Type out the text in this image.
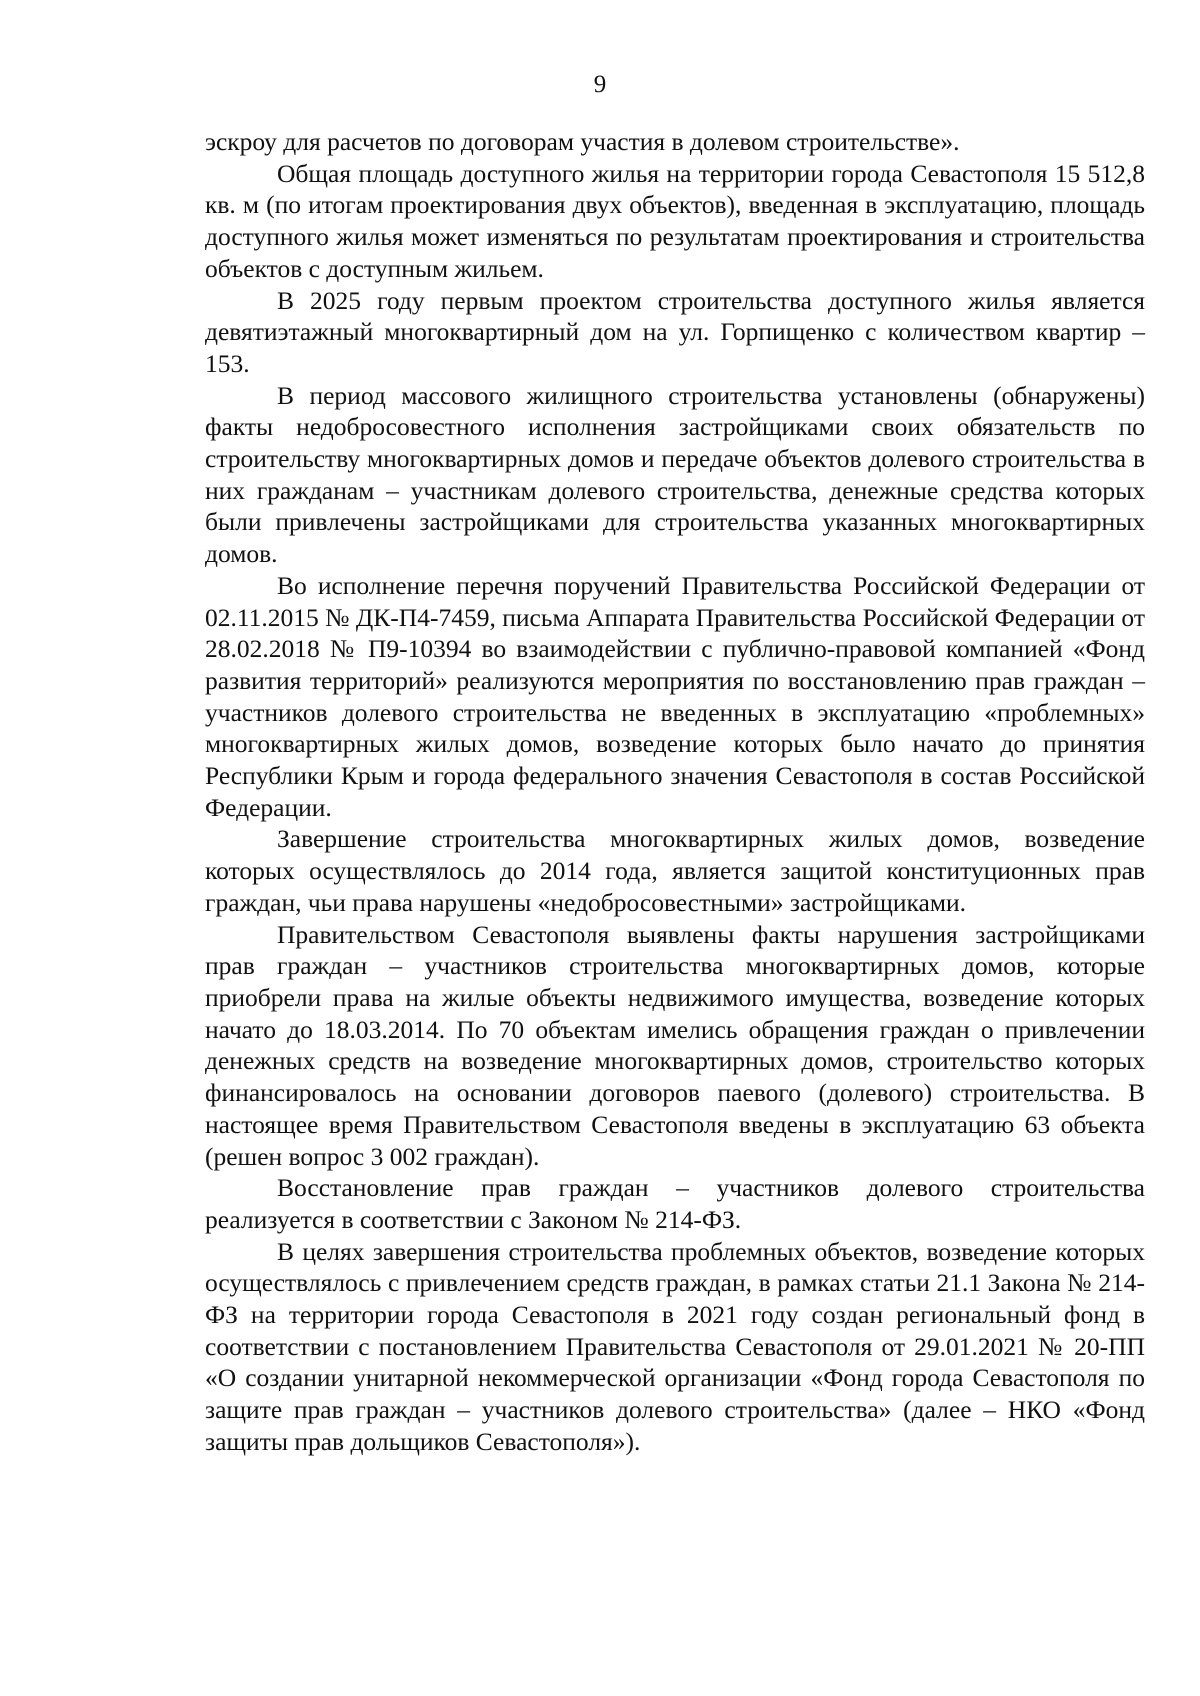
9

эскроу для расчетов по договорам участия в долевом строительстве».

Общая площадь доступного жилья на территории города Севастополя 15 512,8 кв. м (по итогам проектирования двух объектов), введенная в эксплуатацию, площадь доступного жилья может изменяться по результатам проектирования и строительства объектов с доступным жильем.

В 2025 году первым проектом строительства доступного жилья является девятиэтажный многоквартирный дом на ул. Горпищенко с количеством квартир – 153.

В период массового жилищного строительства установлены (обнаружены) факты недобросовестного исполнения застройщиками своих обязательств по строительству многоквартирных домов и передаче объектов долевого строительства в них гражданам – участникам долевого строительства, денежные средства которых были привлечены застройщиками для строительства указанных многоквартирных домов.

Во исполнение перечня поручений Правительства Российской Федерации от 02.11.2015 № ДК-П4-7459, письма Аппарата Правительства Российской Федерации от 28.02.2018 № П9-10394 во взаимодействии с публично-правовой компанией «Фонд развития территорий» реализуются мероприятия по восстановлению прав граждан – участников долевого строительства не введенных в эксплуатацию «проблемных» многоквартирных жилых домов, возведение которых было начато до принятия Республики Крым и города федерального значения Севастополя в состав Российской Федерации.

Завершение строительства многоквартирных жилых домов, возведение которых осуществлялось до 2014 года, является защитой конституционных прав граждан, чьи права нарушены «недобросовестными» застройщиками.

Правительством Севастополя выявлены факты нарушения застройщиками прав граждан – участников строительства многоквартирных домов, которые приобрели права на жилые объекты недвижимого имущества, возведение которых начато до 18.03.2014. По 70 объектам имелись обращения граждан о привлечении денежных средств на возведение многоквартирных домов, строительство которых финансировалось на основании договоров паевого (долевого) строительства. В настоящее время Правительством Севастополя введены в эксплуатацию 63 объекта (решен вопрос 3 002 граждан).

Восстановление прав граждан – участников долевого строительства реализуется в соответствии с Законом № 214-ФЗ.

В целях завершения строительства проблемных объектов, возведение которых осуществлялось с привлечением средств граждан, в рамках статьи 21.1 Закона № 214-ФЗ на территории города Севастополя в 2021 году создан региональный фонд в соответствии с постановлением Правительства Севастополя от 29.01.2021 № 20-ПП «О создании унитарной некоммерческой организации «Фонд города Севастополя по защите прав граждан – участников долевого строительства» (далее – НКО «Фонд защиты прав дольщиков Севастополя»).
